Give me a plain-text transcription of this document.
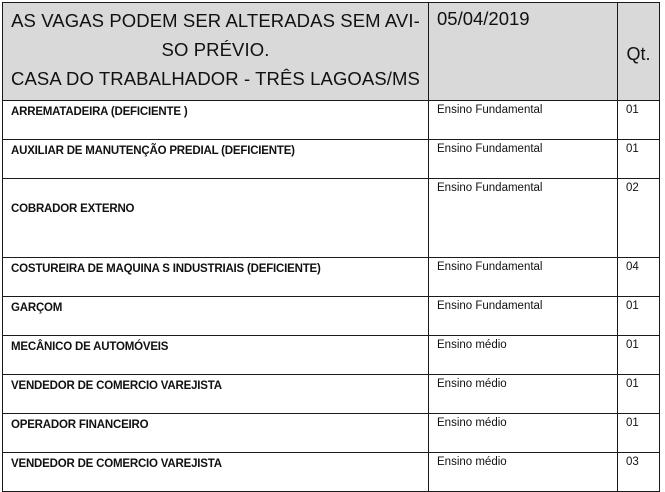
AS VAGAS PODEM SER ALTERADAS SEM AVI-
SO PRÉVIO.
CASA DO TRABALHADOR - TRÊS LAGOAS/MS	05/04/2019	Qt.
ARREMATADEIRA (DEFICIENTE )	Ensino Fundamental	01
AUXILIAR DE MANUTENÇÃO PREDIAL (DEFICIENTE)	Ensino Fundamental	01
COBRADOR EXTERNO	Ensino Fundamental	02
COSTUREIRA DE MAQUINA S INDUSTRIAIS (DEFICIENTE)	Ensino Fundamental	04
GARÇOM	Ensino Fundamental	01
MECÂNICO DE AUTOMÓVEIS	Ensino médio	01
VENDEDOR DE COMERCIO VAREJISTA	Ensino médio	01
OPERADOR FINANCEIRO	Ensino médio	01
VENDEDOR DE COMERCIO VAREJISTA	Ensino médio	03
